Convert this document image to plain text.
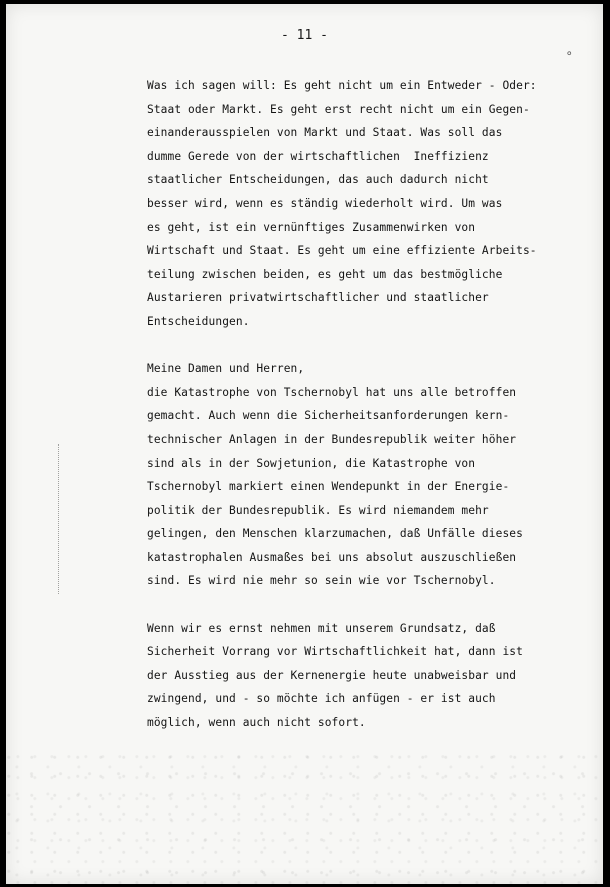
∘
- 11 -
Was ich sagen will: Es geht nicht um ein Entweder - Oder:
Staat oder Markt. Es geht erst recht nicht um ein Gegen-
einanderausspielen von Markt und Staat. Was soll das
dumme Gerede von der wirtschaftlichen  Ineffizienz
staatlicher Entscheidungen, das auch dadurch nicht
besser wird, wenn es ständig wiederholt wird. Um was
es geht, ist ein vernünftiges Zusammenwirken von
Wirtschaft und Staat. Es geht um eine effiziente Arbeits-
teilung zwischen beiden, es geht um das bestmögliche
Austarieren privatwirtschaftlicher und staatlicher
Entscheidungen.
Meine Damen und Herren,
die Katastrophe von Tschernobyl hat uns alle betroffen
gemacht. Auch wenn die Sicherheitsanforderungen kern-
technischer Anlagen in der Bundesrepublik weiter höher
sind als in der Sowjetunion, die Katastrophe von
Tschernobyl markiert einen Wendepunkt in der Energie-
politik der Bundesrepublik. Es wird niemandem mehr
gelingen, den Menschen klarzumachen, daß Unfälle dieses
katastrophalen Ausmaßes bei uns absolut auszuschließen
sind. Es wird nie mehr so sein wie vor Tschernobyl.
Wenn wir es ernst nehmen mit unserem Grundsatz, daß
Sicherheit Vorrang vor Wirtschaftlichkeit hat, dann ist
der Ausstieg aus der Kernenergie heute unabweisbar und
zwingend, und - so möchte ich anfügen - er ist auch
möglich, wenn auch nicht sofort.
